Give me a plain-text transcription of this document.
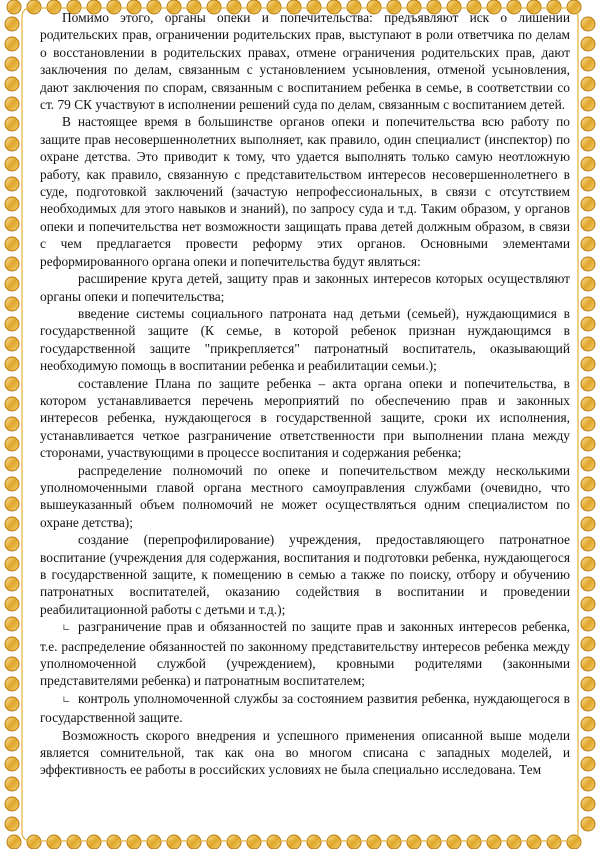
Помимо этого, органы опеки и попечительства: предъявляют иск о лишении родительских прав, ограничении родительских прав, выступают в роли ответчика по делам о восстановлении в родительских правах, отмене ограничения родительских прав, дают заключения по делам, связанным с установлением усыновления, отменой усыновления, дают заключения по спорам, связанным с воспитанием ребенка в семье, в соответствии со ст. 79 СК участвуют в исполнении решений суда по делам, связанным с воспитанием детей.

В настоящее время в большинстве органов опеки и попечительства всю работу по защите прав несовершеннолетних выполняет, как правило, один специалист (инспектор) по охране детства. Это приводит к тому, что удается выполнять только самую неотложную работу, как правило, связанную с представительством интересов несовершеннолетнего в суде, подготовкой заключений (зачастую непрофессиональных, в связи с отсутствием необходимых для этого навыков и знаний), по запросу суда и т.д. Таким образом, у органов опеки и попечительства нет возможности защищать права детей должным образом, в связи с чем предлагается провести реформу этих органов. Основными элементами реформированного органа опеки и попечительства будут являться:

расширение круга детей, защиту прав и законных интересов которых осуществляют органы опеки и попечительства;

введение системы социального патроната над детьми (семьей), нуждающимися в государственной защите (К семье, в которой ребенок признан нуждающимся в государственной защите "прикрепляется" патронатный воспитатель, оказывающий необходимую помощь в воспитании ребенка и реабилитации семьи.);

составление Плана по защите ребенка – акта органа опеки и попечительства, в котором устанавливается перечень мероприятий по обеспечению прав и законных интересов ребенка, нуждающегося в государственной защите, сроки их исполнения, устанавливается четкое разграничение ответственности при выполнении плана между сторонами, участвующими в процессе воспитания и содержания ребенка;

распределение полномочий по опеке и попечительством между несколькими уполномоченными главой органа местного самоуправления службами (очевидно, что вышеуказанный объем полномочий не может осуществляться одним специалистом по охране детства);

создание (перепрофилирование) учреждения, предоставляющего патронатное воспитание (учреждения для содержания, воспитания и подготовки ребенка, нуждающегося в государственной защите, к помещению в семью а также по поиску, отбору и обучению патронатных воспитателей, оказанию содействия в воспитании и проведении реабилитационной работы с детьми и т.д.);

∟ разграничение прав и обязанностей по защите прав и законных интересов ребенка, т.е. распределение обязанностей по законному представительству интересов ребенка между уполномоченной службой (учреждением), кровными родителями (законными представителями ребенка) и патронатным воспитателем;

∟ контроль уполномоченной службы за состоянием развития ребенка, нуждающегося в государственной защите.

Возможность скорого внедрения и успешного применения описанной выше модели является сомнительной, так как она во многом списана с западных моделей, и эффективность ее работы в российских условиях не была специально исследована. Тем
